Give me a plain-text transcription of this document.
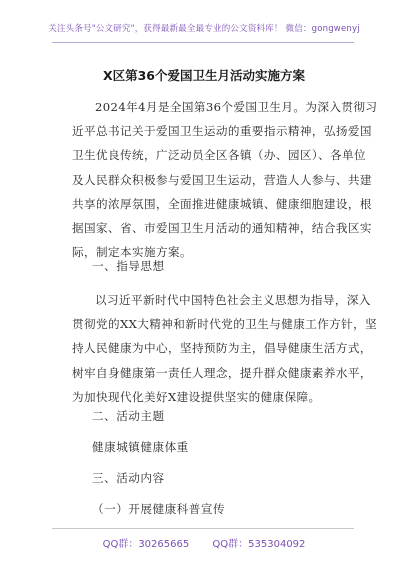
关注头条号"公文研究"，获得最新最全最专业的公文资料库！ 微信：gongwenyj
X区第36个爱国卫生月活动实施方案
2024年4月是全国第36个爱国卫生月。为深入贯彻习
近平总书记关于爱国卫生运动的重要指示精神，弘扬爱国
卫生优良传统，广泛动员全区各镇（办、园区）、各单位
及人民群众积极参与爱国卫生运动，营造人人参与、共建
共享的浓厚氛围，全面推进健康城镇、健康细胞建设，根
据国家、省、市爱国卫生月活动的通知精神，结合我区实
际，制定本实施方案。
一、指导思想
以习近平新时代中国特色社会主义思想为指导，深入
贯彻党的XX大精神和新时代党的卫生与健康工作方针，坚
持人民健康为中心，坚持预防为主，倡导健康生活方式，
树牢自身健康第一责任人理念，提升群众健康素养水平，
为加快现代化美好X建设提供坚实的健康保障。
二、活动主题
健康城镇健康体重
三、活动内容
（一）开展健康科普宣传
QQ群：30265665 QQ群：535304092
